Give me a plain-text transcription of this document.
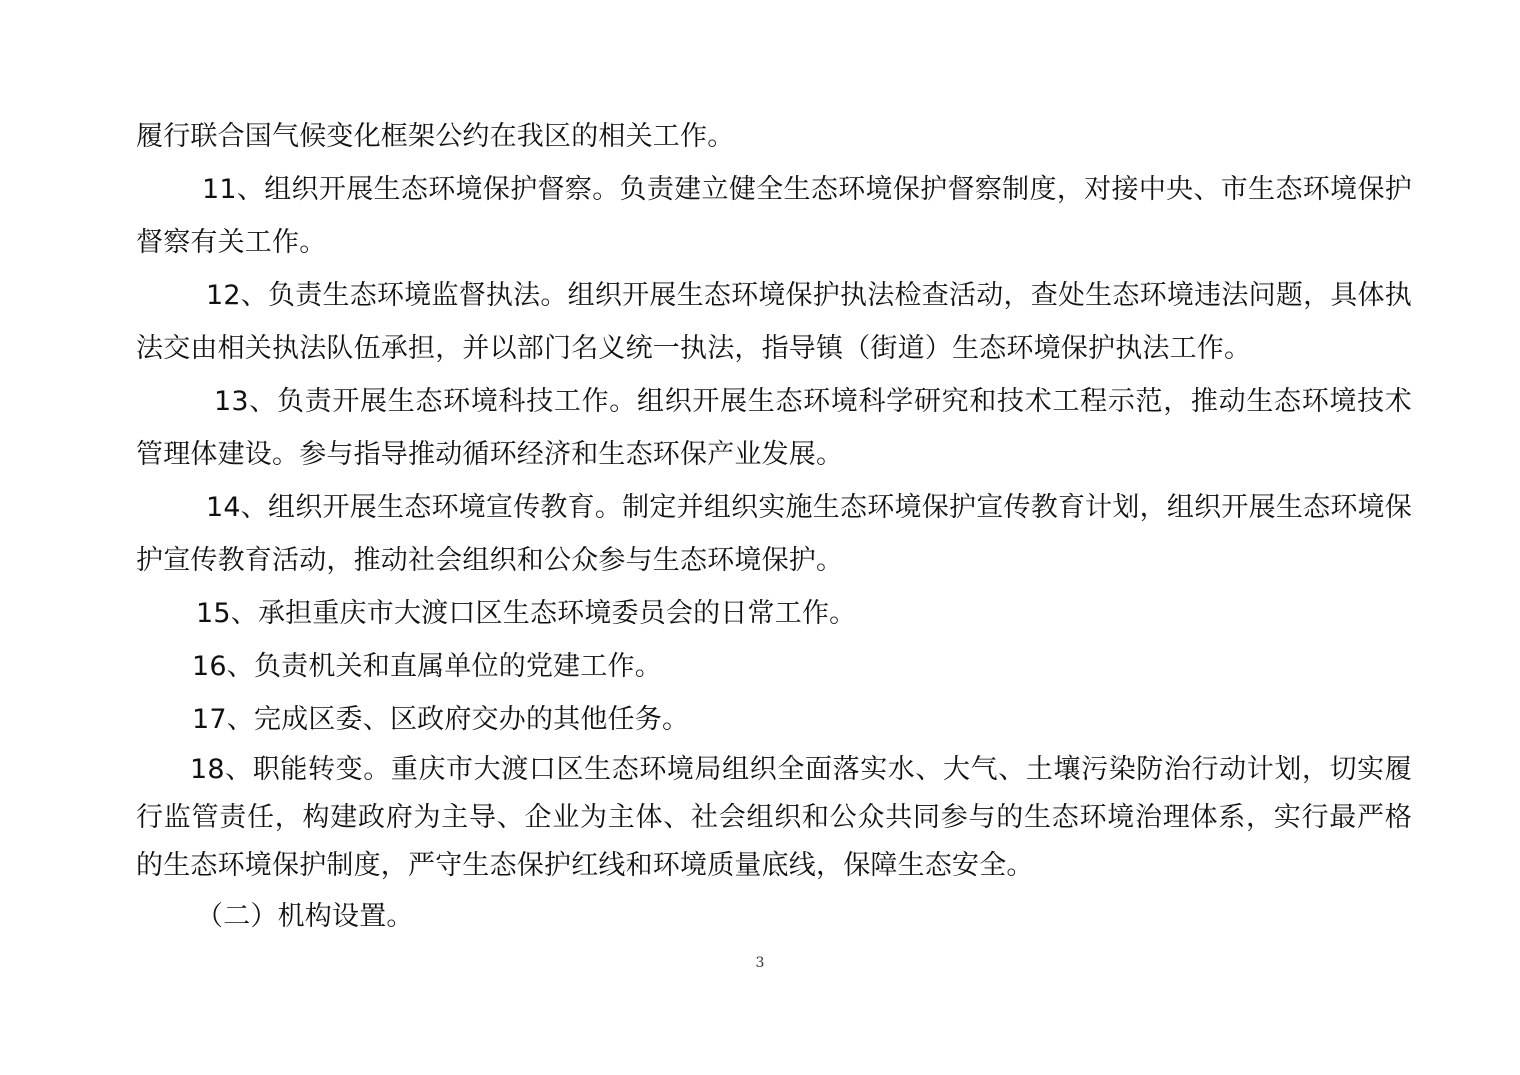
履行联合国气候变化框架公约在我区的相关工作。

11、组织开展生态环境保护督察。负责建立健全生态环境保护督察制度，对接中央、市生态环境保护督察有关工作。

12、负责生态环境监督执法。组织开展生态环境保护执法检查活动，查处生态环境违法问题，具体执法交由相关执法队伍承担，并以部门名义统一执法，指导镇（街道）生态环境保护执法工作。

13、负责开展生态环境科技工作。组织开展生态环境科学研究和技术工程示范，推动生态环境技术管理体建设。参与指导推动循环经济和生态环保产业发展。

14、组织开展生态环境宣传教育。制定并组织实施生态环境保护宣传教育计划，组织开展生态环境保护宣传教育活动，推动社会组织和公众参与生态环境保护。

15、承担重庆市大渡口区生态环境委员会的日常工作。

16、负责机关和直属单位的党建工作。

17、完成区委、区政府交办的其他任务。

18、职能转变。重庆市大渡口区生态环境局组织全面落实水、大气、土壤污染防治行动计划，切实履行监管责任，构建政府为主导、企业为主体、社会组织和公众共同参与的生态环境治理体系，实行最严格的生态环境保护制度，严守生态保护红线和环境质量底线，保障生态安全。

（二）机构设置。

3
